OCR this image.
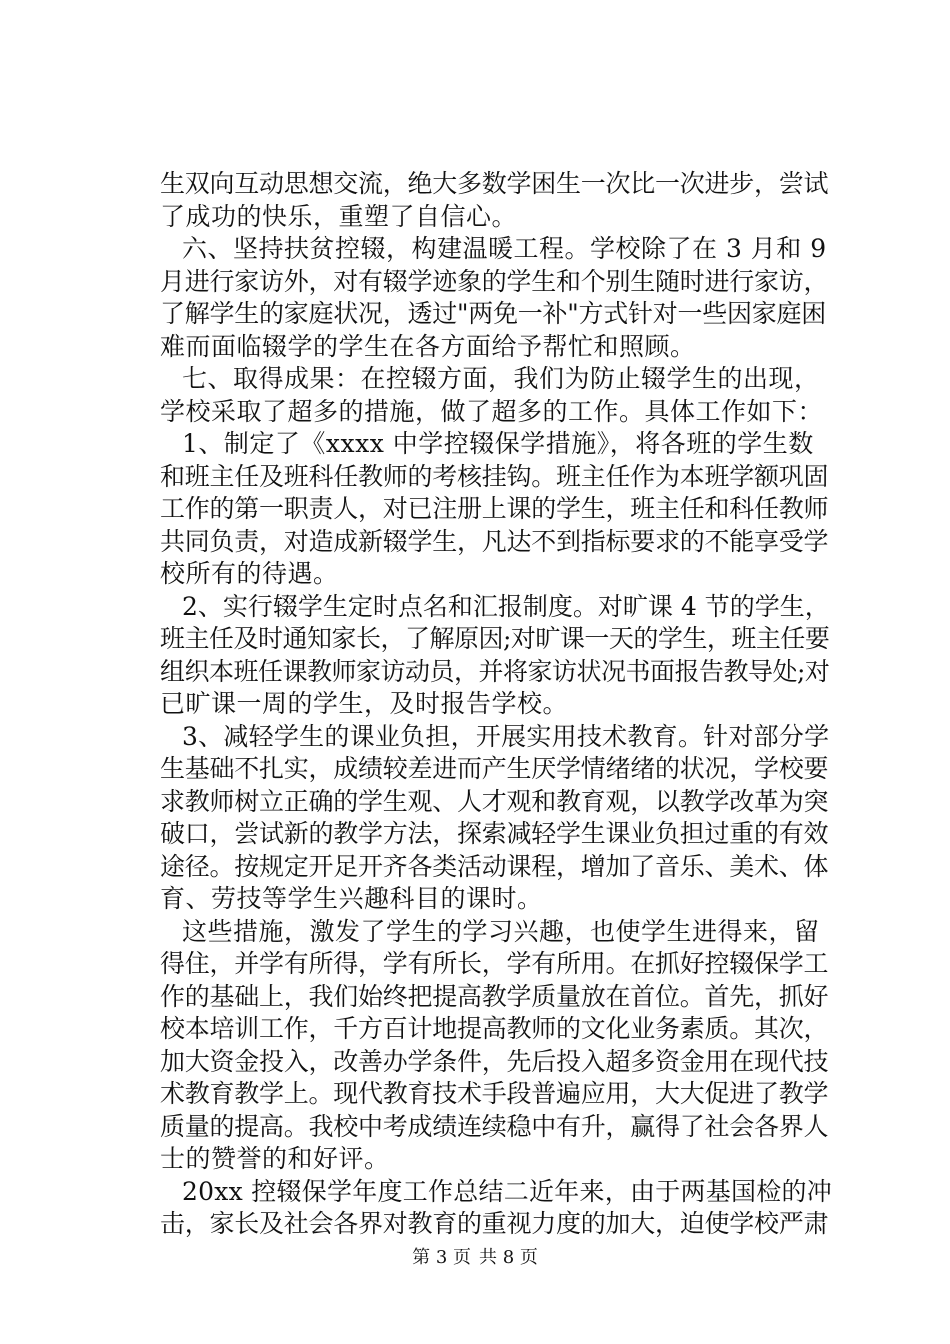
生双向互动思想交流，绝大多数学困生一次比一次进步，尝试
了成功的快乐，重塑了自信心。
六、坚持扶贫控辍，构建温暖工程。学校除了在 3 月和 9
月进行家访外，对有辍学迹象的学生和个别生随时进行家访，
了解学生的家庭状况，透过"两免一补"方式针对一些因家庭困
难而面临辍学的学生在各方面给予帮忙和照顾。
七、取得成果：在控辍方面，我们为防止辍学生的出现，
学校采取了超多的措施，做了超多的工作。具体工作如下：
1、制定了《xxxx 中学控辍保学措施》，将各班的学生数
和班主任及班科任教师的考核挂钩。班主任作为本班学额巩固
工作的第一职责人，对已注册上课的学生，班主任和科任教师
共同负责，对造成新辍学生，凡达不到指标要求的不能享受学
校所有的待遇。
2、实行辍学生定时点名和汇报制度。对旷课 4 节的学生，
班主任及时通知家长，了解原因;对旷课一天的学生，班主任要
组织本班任课教师家访动员，并将家访状况书面报告教导处;对
已旷课一周的学生，及时报告学校。
3、减轻学生的课业负担，开展实用技术教育。针对部分学
生基础不扎实，成绩较差进而产生厌学情绪绪的状况，学校要
求教师树立正确的学生观、人才观和教育观，以教学改革为突
破口，尝试新的教学方法，探索减轻学生课业负担过重的有效
途径。按规定开足开齐各类活动课程，增加了音乐、美术、体
育、劳技等学生兴趣科目的课时。
这些措施，激发了学生的学习兴趣，也使学生进得来，留
得住，并学有所得，学有所长，学有所用。在抓好控辍保学工
作的基础上，我们始终把提高教学质量放在首位。首先，抓好
校本培训工作，千方百计地提高教师的文化业务素质。其次，
加大资金投入，改善办学条件，先后投入超多资金用在现代技
术教育教学上。现代教育技术手段普遍应用，大大促进了教学
质量的提高。我校中考成绩连续稳中有升，赢得了社会各界人
士的赞誉的和好评。
20xx 控辍保学年度工作总结二近年来，由于两基国检的冲
击，家长及社会各界对教育的重视力度的加大，迫使学校严肃
第 3 页 共 8 页
